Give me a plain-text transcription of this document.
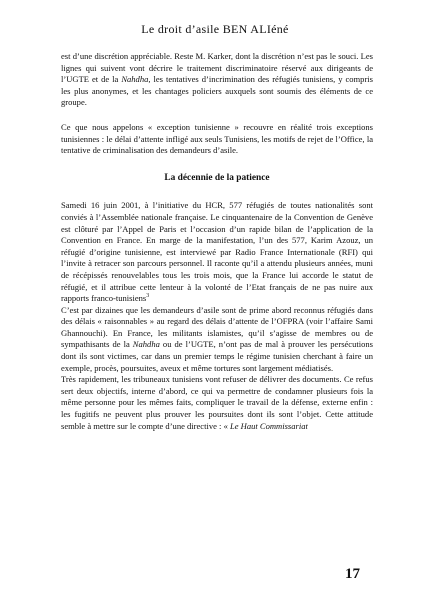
Le droit d’asile BEN ALIéné

est d’une discrétion appréciable. Reste M. Karker, dont la discrétion n’est pas le souci. Les lignes qui suivent vont décrire le traitement discriminatoire réservé aux dirigeants de l’UGTE et de la Nahdha, les tentatives d’incrimination des réfugiés tunisiens, y compris les plus anonymes, et les chantages policiers auxquels sont soumis des éléments de ce groupe.

Ce que nous appelons « exception tunisienne » recouvre en réalité trois exceptions tunisiennes : le délai d’attente infligé aux seuls Tunisiens, les motifs de rejet de l’Office, la tentative de criminalisation des demandeurs d’asile.

La décennie de la patience

Samedi 16 juin 2001, à l’initiative du HCR, 577 réfugiés de toutes nationalités sont conviés à l’Assemblée nationale française. Le cinquantenaire de la Convention de Genève est clôturé par l’Appel de Paris et l’occasion d’un rapide bilan de l’application de la Convention en France. En marge de la manifestation, l’un des 577, Karim Azouz, un réfugié d’origine tunisienne, est interviewé par Radio France Internationale (RFI) qui l’invite à retracer son parcours personnel. Il raconte qu’il a attendu plusieurs années, muni de récépissés renouvelables tous les trois mois, que la France lui accorde le statut de réfugié, et il attribue cette lenteur à la volonté de l’Etat français de ne pas nuire aux rapports franco-tunisiens$^3$

C’est par dizaines que les demandeurs d’asile sont de prime abord reconnus réfugiés dans des délais « raisonnables » au regard des délais d’attente de l’OFPRA (voir l’affaire Sami Ghannouchi). En France, les militants islamistes, qu’il s’agisse de membres ou de sympathisants de la Nahdha ou de l’UGTE, n’ont pas de mal à prouver les persécutions dont ils sont victimes, car dans un premier temps le régime tunisien cherchant à faire un exemple, procès, poursuites, aveux et même tortures sont largement médiatisés.

Très rapidement, les tribuneaux tunisiens vont refuser de délivrer des documents. Ce refus sert deux objectifs, interne d’abord, ce qui va permettre de condamner plusieurs fois la même personne pour les mêmes faits, compliquer le travail de la défense, externe enfin : les fugitifs ne peuvent plus prouver les poursuites dont ils sont l’objet. Cette attitude semble à mettre sur le compte d’une directive : « Le Haut Commissariat

17
